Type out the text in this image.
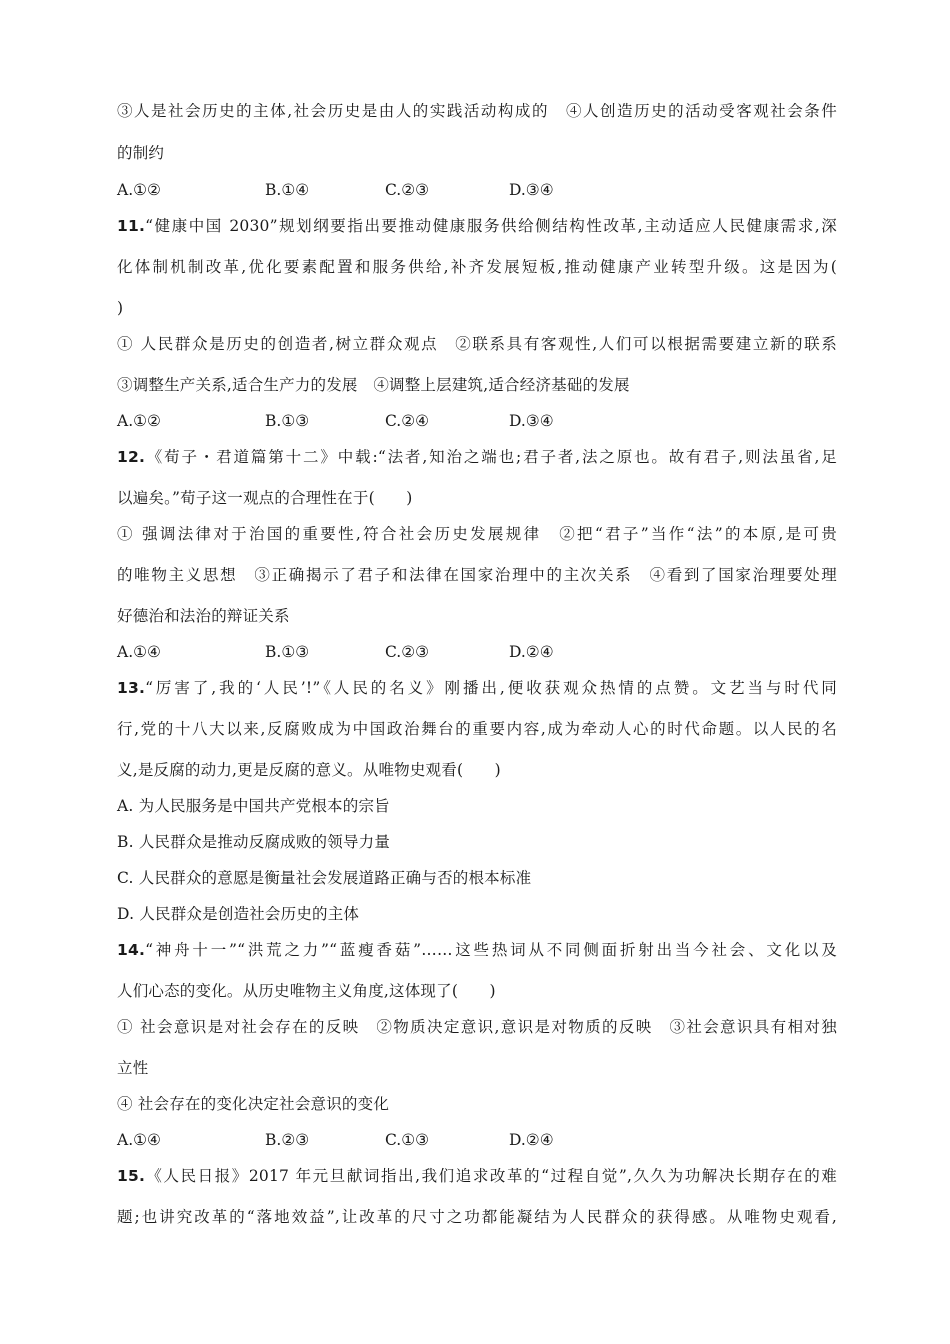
③人是社会历史的主体,社会历史是由人的实践活动构成的　④人创造历史的活动受客观社会条件
的制约
A.①②	B.①④	C.②③	D.③④
11.“健康中国 2030”规划纲要指出要推动健康服务供给侧结构性改革,主动适应人民健康需求,深
化体制机制改革,优化要素配置和服务供给,补齐发展短板,推动健康产业转型升级。这是因为(
)
① 人民群众是历史的创造者,树立群众观点　②联系具有客观性,人们可以根据需要建立新的联系
③调整生产关系,适合生产力的发展　④调整上层建筑,适合经济基础的发展
A.①②	B.①③	C.②④	D.③④
12.《荀子・君道篇第十二》中载:“法者,知治之端也;君子者,法之原也。故有君子,则法虽省,足
以遍矣。”荀子这一观点的合理性在于(　　)
① 强调法律对于治国的重要性,符合社会历史发展规律　②把“君子”当作“法”的本原,是可贵
的唯物主义思想　③正确揭示了君子和法律在国家治理中的主次关系　④看到了国家治理要处理
好德治和法治的辩证关系
A.①④	B.①③	C.②③	D.②④
13.“厉害了,我的‘人民’!”《人民的名义》刚播出,便收获观众热情的点赞。文艺当与时代同
行,党的十八大以来,反腐败成为中国政治舞台的重要内容,成为牵动人心的时代命题。以人民的名
义,是反腐的动力,更是反腐的意义。从唯物史观看(　　)
A. 为人民服务是中国共产党根本的宗旨
B. 人民群众是推动反腐成败的领导力量
C. 人民群众的意愿是衡量社会发展道路正确与否的根本标准
D. 人民群众是创造社会历史的主体
14.“神舟十一”“洪荒之力”“蓝瘦香菇”……这些热词从不同侧面折射出当今社会、文化以及
人们心态的变化。从历史唯物主义角度,这体现了(　　)
① 社会意识是对社会存在的反映　②物质决定意识,意识是对物质的反映　③社会意识具有相对独
立性
④ 社会存在的变化决定社会意识的变化
A.①④	B.②③	C.①③	D.②④
15.《人民日报》2017 年元旦献词指出,我们追求改革的“过程自觉”,久久为功解决长期存在的难
题;也讲究改革的“落地效益”,让改革的尺寸之功都能凝结为人民群众的获得感。从唯物史观看,
